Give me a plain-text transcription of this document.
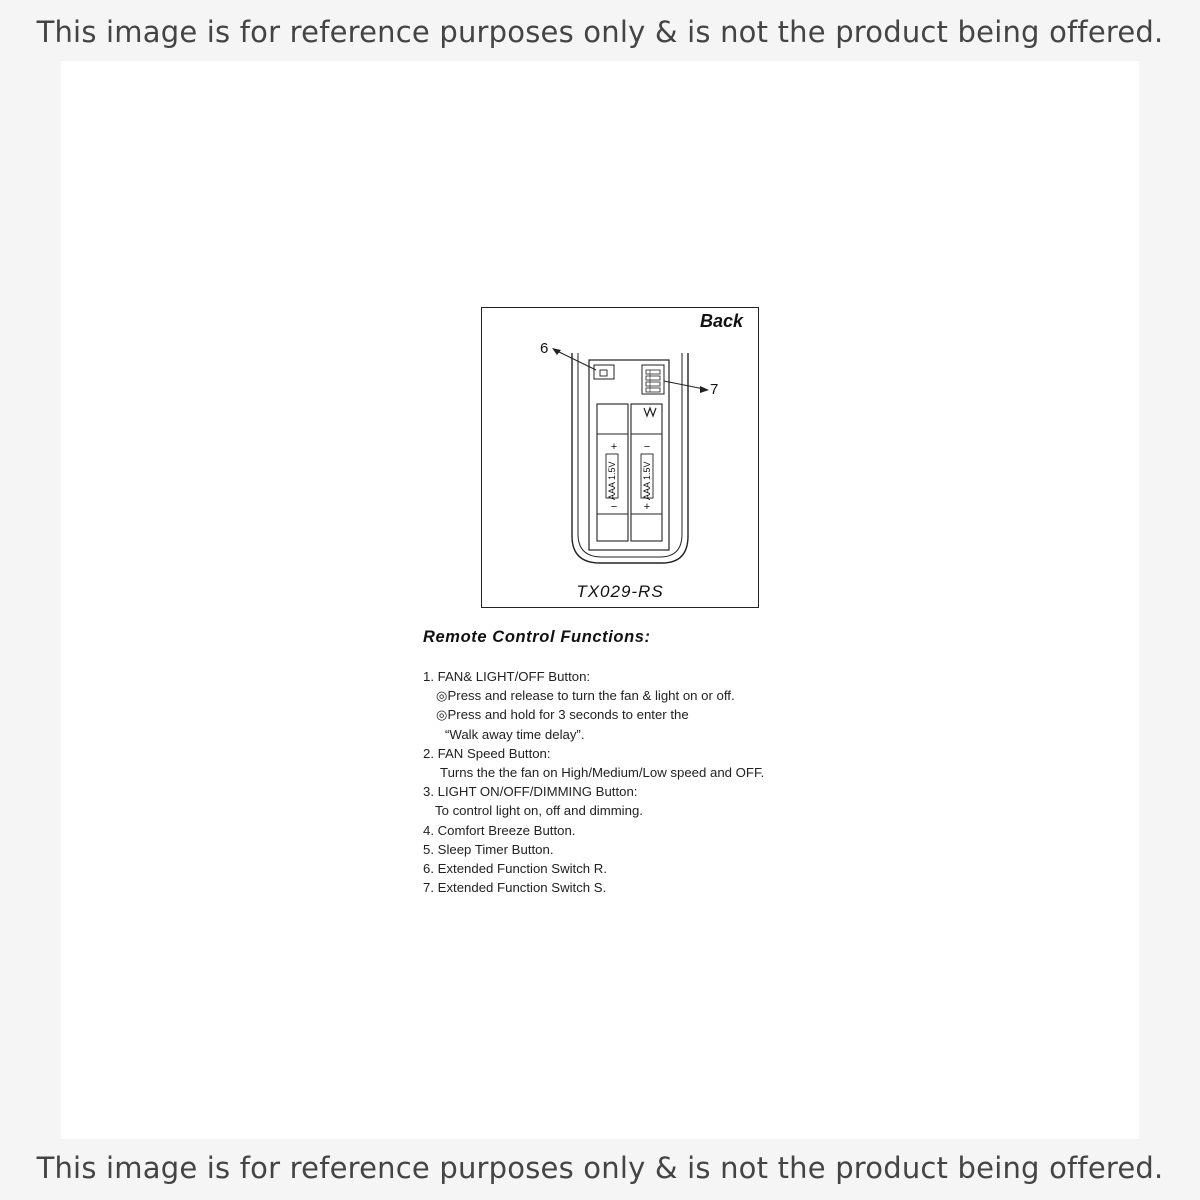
This image is for reference purposes only & is not the product being offered.
+
−
−
+
AAA 1.5V	AAA 1.5V
Back
6
7
TX029-RS
Remote Control Functions:
1. FAN& LIGHT/OFF Button:
◎Press and release to turn the fan & light on or off.
◎Press and hold for 3 seconds to enter the
“Walk away time delay”.
2. FAN Speed Button:
Turns the the fan on High/Medium/Low speed and OFF.
3. LIGHT ON/OFF/DIMMING Button:
To control light on, off and dimming.
4. Comfort Breeze Button.
5. Sleep Timer Button.
6. Extended Function Switch R.
7. Extended Function Switch S.
This image is for reference purposes only & is not the product being offered.
